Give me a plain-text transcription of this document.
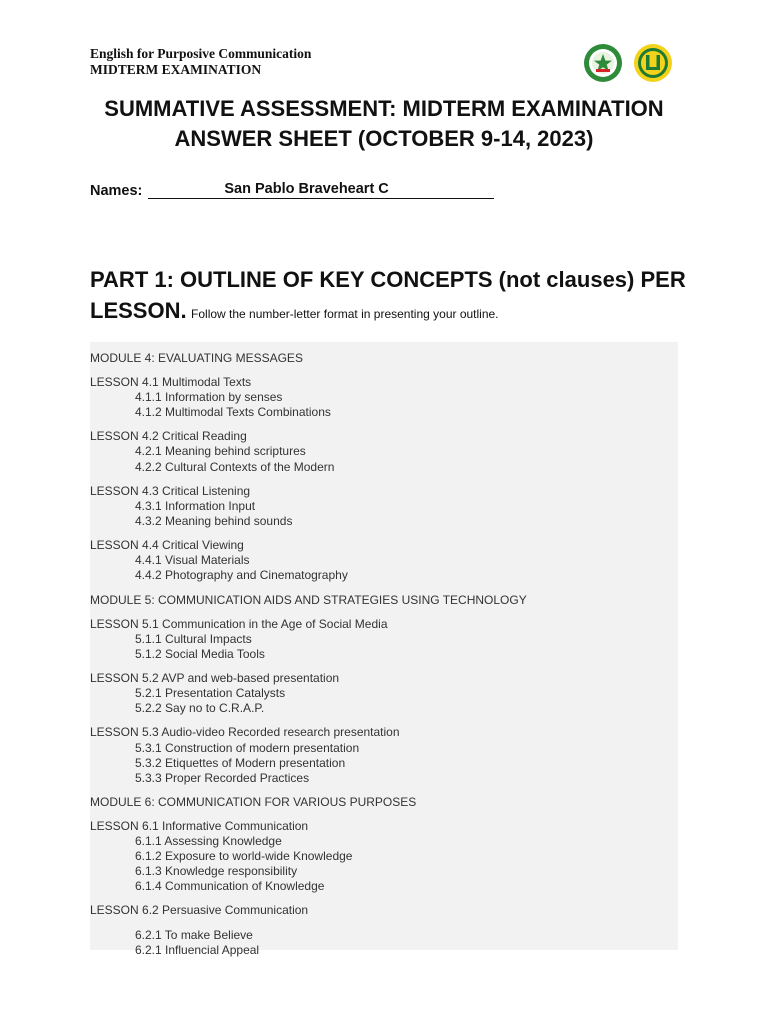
English for Purposive Communication
MIDTERM EXAMINATION
SUMMATIVE ASSESSMENT: MIDTERM EXAMINATION
ANSWER SHEET (OCTOBER 9-14, 2023)
Names:	San Pablo Braveheart C
PART 1: OUTLINE OF KEY CONCEPTS (not clauses) PER
LESSON. Follow the number-letter format in presenting your outline.
MODULE 4: EVALUATING MESSAGES
LESSON 4.1 Multimodal Texts
4.1.1 Information by senses
4.1.2 Multimodal Texts Combinations
LESSON 4.2 Critical Reading
4.2.1 Meaning behind scriptures
4.2.2 Cultural Contexts of the Modern
LESSON 4.3 Critical Listening
4.3.1 Information Input
4.3.2 Meaning behind sounds
LESSON 4.4 Critical Viewing
4.4.1 Visual Materials
4.4.2 Photography and Cinematography
MODULE 5: COMMUNICATION AIDS AND STRATEGIES USING TECHNOLOGY
LESSON 5.1 Communication in the Age of Social Media
5.1.1 Cultural Impacts
5.1.2 Social Media Tools
LESSON 5.2 AVP and web-based presentation
5.2.1 Presentation Catalysts
5.2.2 Say no to C.R.A.P.
LESSON 5.3 Audio-video Recorded research presentation
5.3.1 Construction of modern presentation
5.3.2 Etiquettes of Modern presentation
5.3.3 Proper Recorded Practices
MODULE 6: COMMUNICATION FOR VARIOUS PURPOSES
LESSON 6.1 Informative Communication
6.1.1 Assessing Knowledge
6.1.2 Exposure to world-wide Knowledge
6.1.3 Knowledge responsibility
6.1.4 Communication of Knowledge
LESSON 6.2 Persuasive Communication
6.2.1 To make Believe
6.2.1 Influencial Appeal
